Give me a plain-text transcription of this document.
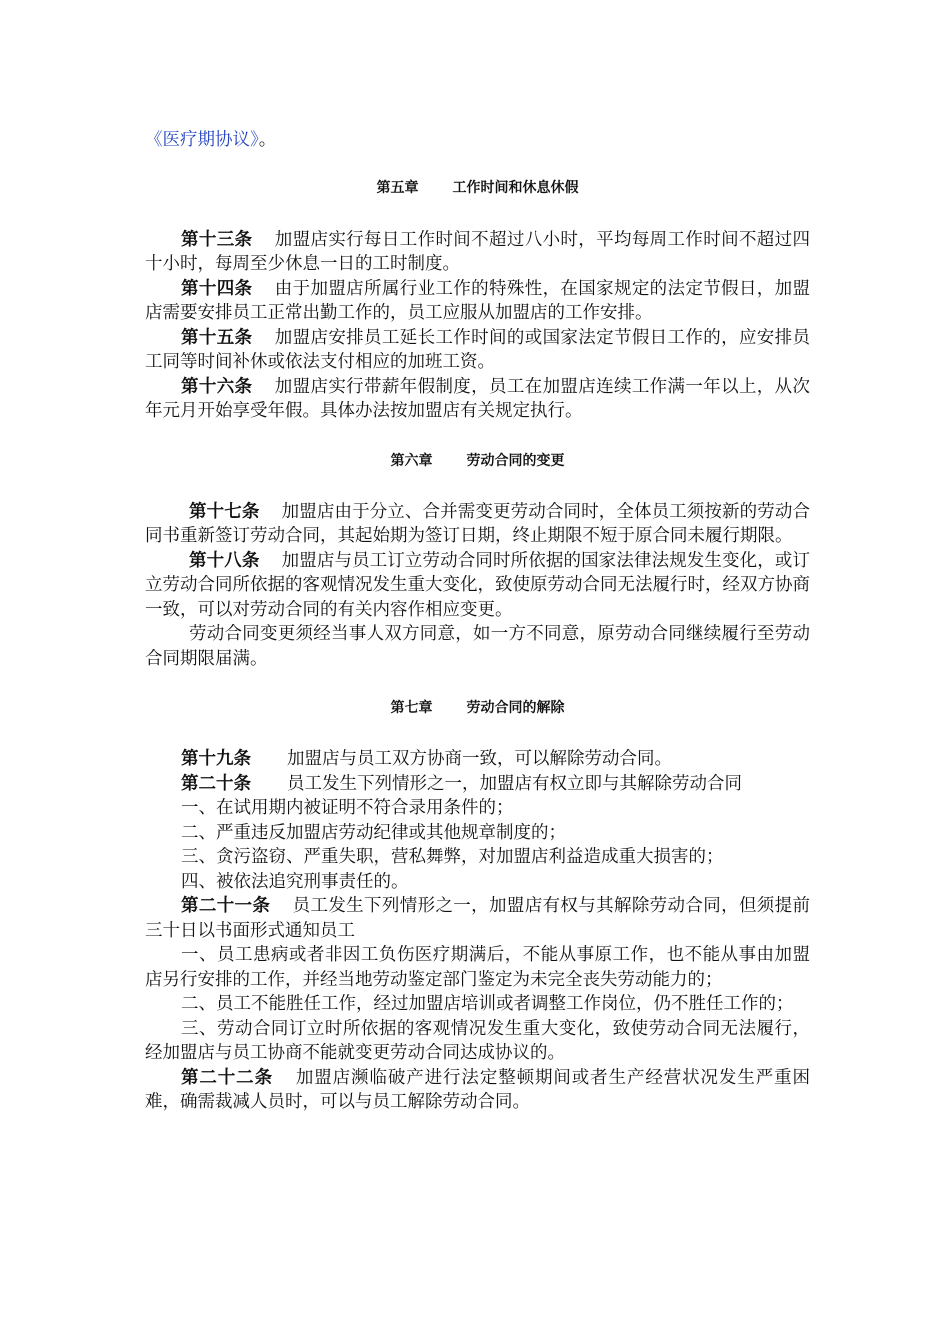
《医疗期协议》。

第五章 工作时间和休息休假

第十三条 加盟店实行每日工作时间不超过八小时，平均每周工作时间不超过四十小时，每周至少休息一日的工时制度。

第十四条 由于加盟店所属行业工作的特殊性，在国家规定的法定节假日，加盟店需要安排员工正常出勤工作的，员工应服从加盟店的工作安排。

第十五条 加盟店安排员工延长工作时间的或国家法定节假日工作的，应安排员工同等时间补休或依法支付相应的加班工资。

第十六条 加盟店实行带薪年假制度，员工在加盟店连续工作满一年以上，从次年元月开始享受年假。具体办法按加盟店有关规定执行。

第六章 劳动合同的变更

第十七条 加盟店由于分立、合并需变更劳动合同时，全体员工须按新的劳动合同书重新签订劳动合同，其起始期为签订日期，终止期限不短于原合同未履行期限。

第十八条 加盟店与员工订立劳动合同时所依据的国家法律法规发生变化，或订立劳动合同所依据的客观情况发生重大变化，致使原劳动合同无法履行时，经双方协商一致，可以对劳动合同的有关内容作相应变更。

劳动合同变更须经当事人双方同意，如一方不同意，原劳动合同继续履行至劳动合同期限届满。

第七章 劳动合同的解除

第十九条 加盟店与员工双方协商一致，可以解除劳动合同。

第二十条 员工发生下列情形之一，加盟店有权立即与其解除劳动合同

一、在试用期内被证明不符合录用条件的；

二、严重违反加盟店劳动纪律或其他规章制度的；

三、贪污盗窃、严重失职，营私舞弊，对加盟店利益造成重大损害的；

四、被依法追究刑事责任的。

第二十一条 员工发生下列情形之一，加盟店有权与其解除劳动合同，但须提前三十日以书面形式通知员工

一、员工患病或者非因工负伤医疗期满后，不能从事原工作，也不能从事由加盟店另行安排的工作，并经当地劳动鉴定部门鉴定为未完全丧失劳动能力的；

二、员工不能胜任工作，经过加盟店培训或者调整工作岗位，仍不胜任工作的；

三、劳动合同订立时所依据的客观情况发生重大变化，致使劳动合同无法履行，经加盟店与员工协商不能就变更劳动合同达成协议的。

第二十二条 加盟店濒临破产进行法定整顿期间或者生产经营状况发生严重困难，确需裁减人员时，可以与员工解除劳动合同。
